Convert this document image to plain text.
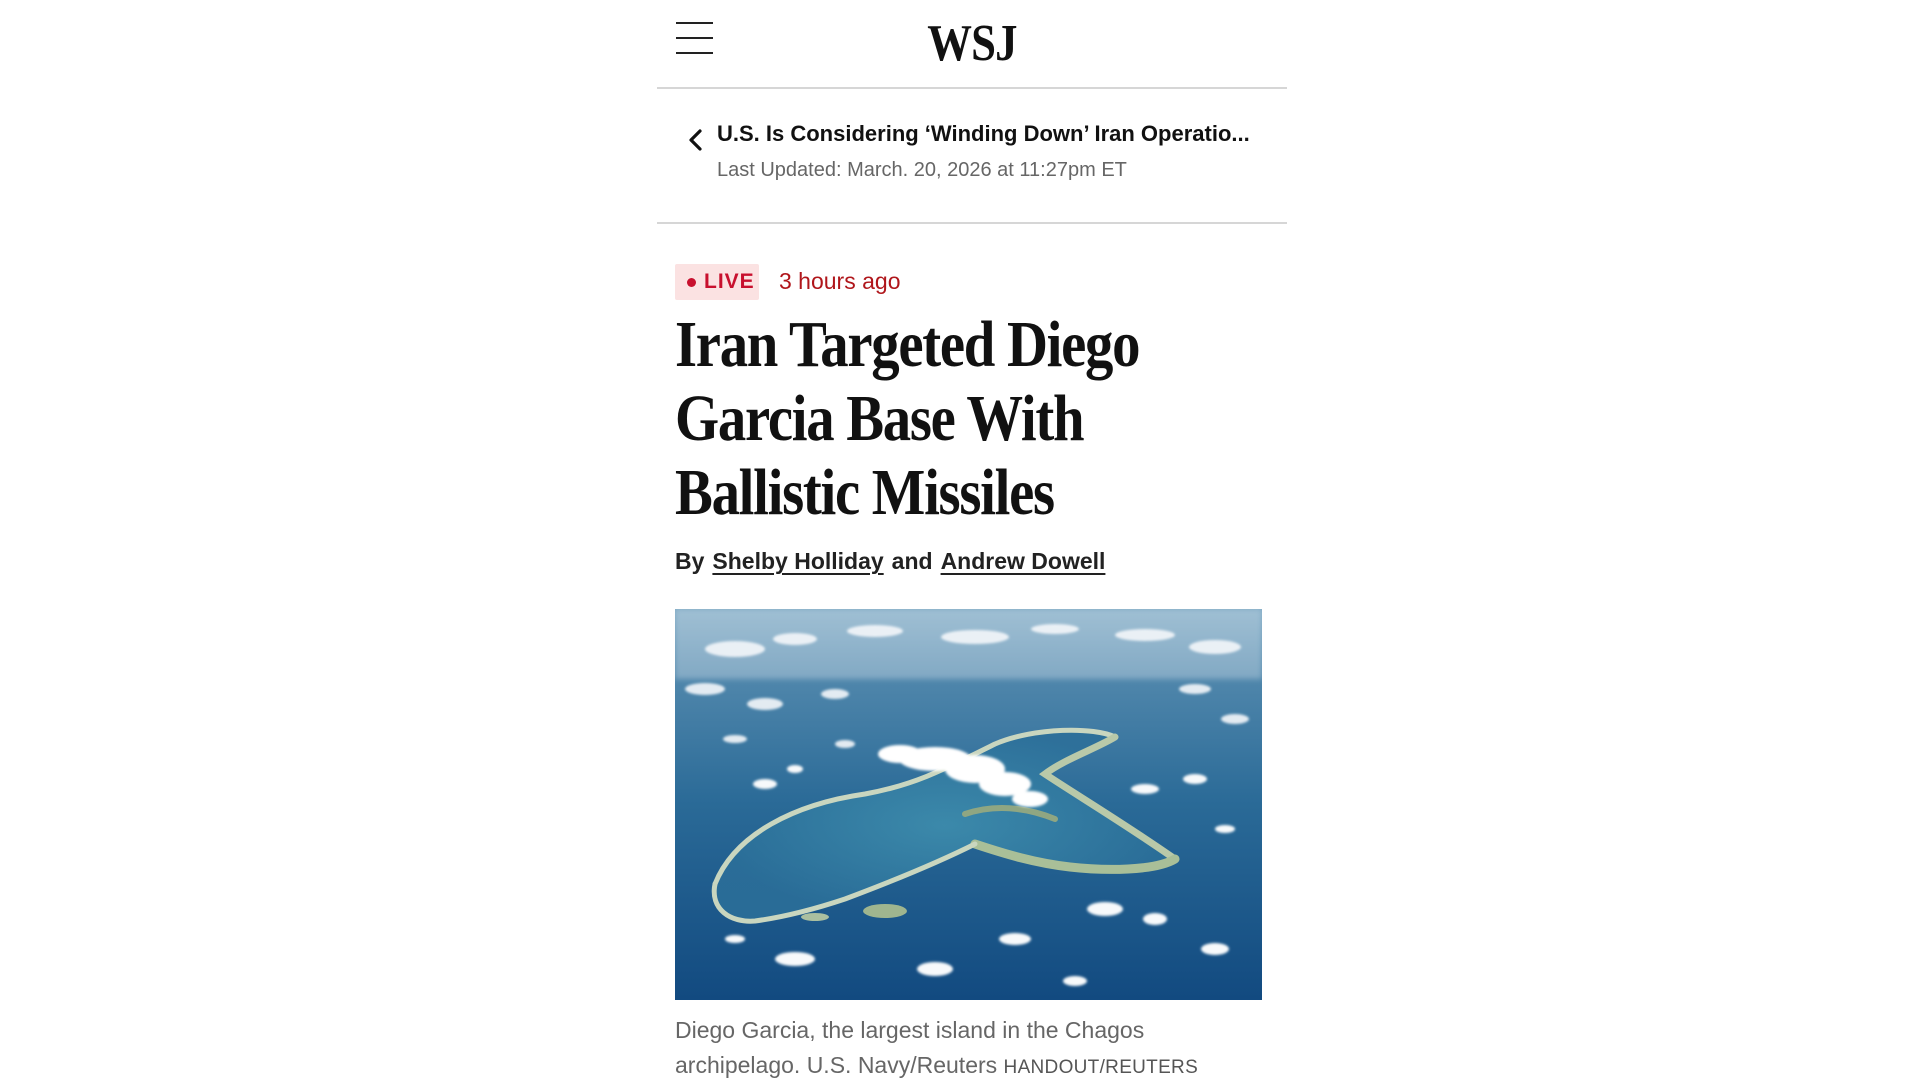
WSJ
U.S. Is Considering ‘Winding Down’ Iran Operatio...
Last Updated: March. 20, 2026 at 11:27pm ET
LIVE 3 hours ago
Iran Targeted Diego Garcia Base With Ballistic Missiles
By Shelby Holliday and Andrew Dowell
Diego Garcia, the largest island in the Chagos archipelago. U.S. Navy/Reuters HANDOUT/REUTERS
